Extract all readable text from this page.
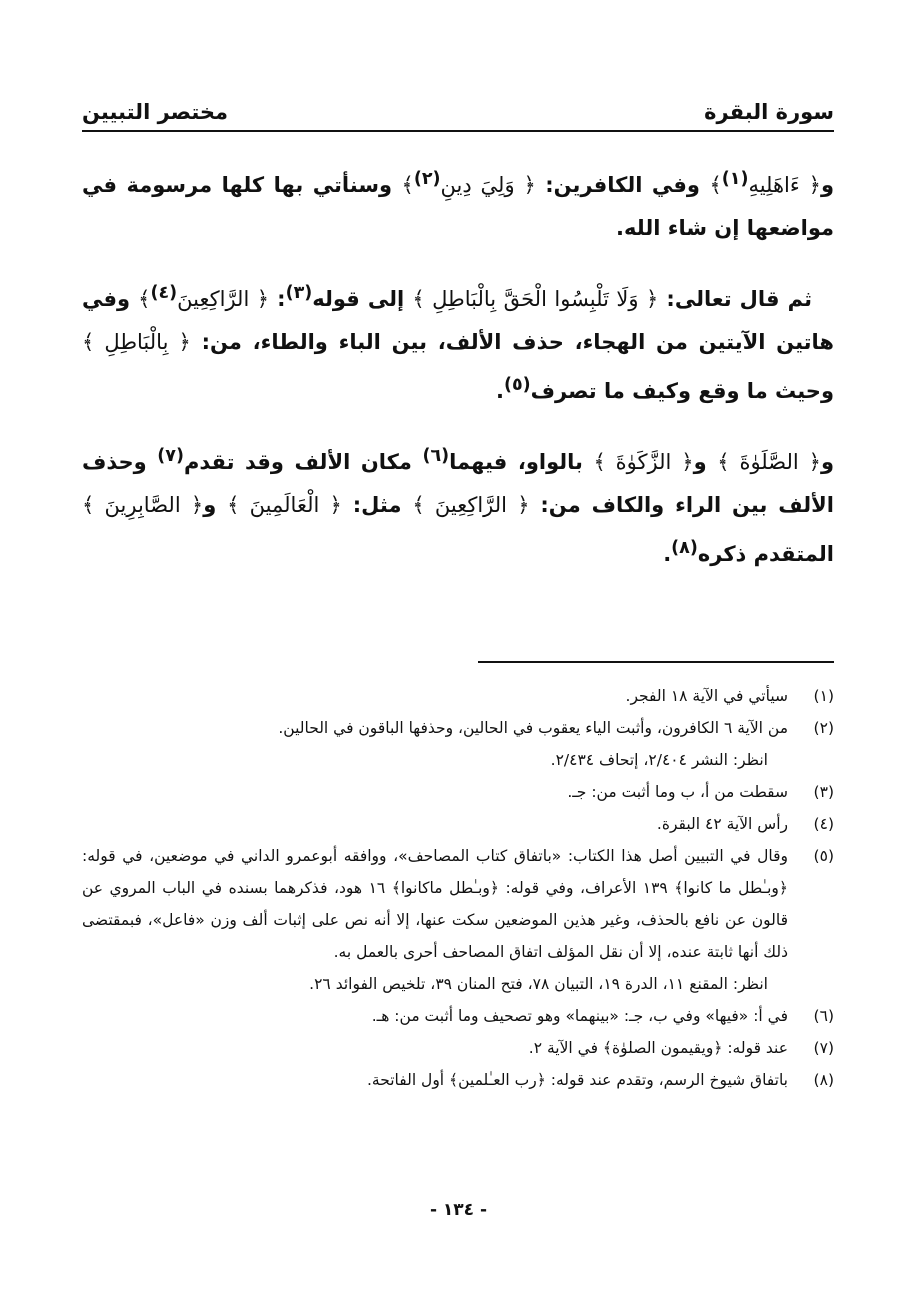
سورة البقرة
مختصر التبيين

و﴿ ءَاهَلِيهِ$^{(١)}$﴾ وفي الكافرين: ﴿ وَلِيَ دِينِ$^{(٢)}$﴾ وسنأتي بها كلها مرسومة في مواضعها إن شاء الله.

ثم قال تعالى: ﴿ وَلَا تَلْبِسُوا الْحَقَّ بِالْبَاطِلِ ﴾ إلى قوله$^{(٣)}$: ﴿ الرَّاكِعِينَ$^{(٤)}$﴾ وفي هاتين الآيتين من الهجاء، حذف الألف، بين الباء والطاء، من: ﴿ بِالْبَاطِلِ ﴾ وحيث ما وقع وكيف ما تصرف$^{(٥)}$.

و﴿ الصَّلَوٰةَ ﴾ و﴿ الزَّكَوٰةَ ﴾ بالواو، فيهما$^{(٦)}$ مكان الألف وقد تقدم$^{(٧)}$ وحذف الألف بين الراء والكاف من: ﴿ الرَّاكِعِينَ ﴾ مثل: ﴿ الْعَالَمِينَ ﴾ و﴿ الصَّابِرِينَ ﴾ المتقدم ذكره$^{(٨)}$.

(١)
سيأتي في الآية ١٨ الفجر.
(٢)
من الآية ٦ الكافرون، وأثبت الياء يعقوب في الحالين، وحذفها الباقون في الحالين.
انظر: النشر ٢/٤٠٤، إتحاف ٢/٤٣٤.
(٣)
سقطت من أ، ب وما أثبت من: جـ.
(٤)
رأس الآية ٤٢ البقرة.
(٥)
وقال في التبيين أصل هذا الكتاب: «باتفاق كتاب المصاحف»، ووافقه أبوعمرو الداني في موضعين، في قوله: ﴿وبـٰطل ما كانوا﴾ ١٣٩ الأعراف، وفي قوله: ﴿وبـٰطل ماكانوا﴾ ١٦ هود، فذكرهما بسنده في الباب المروي عن قالون عن نافع بالحذف، وغير هذين الموضعين سكت عنها، إلا أنه نص على إثبات ألف وزن «فاعل»، فبمقتضى ذلك أنها ثابتة عنده، إلا أن نقل المؤلف اتفاق المصاحف أحرى بالعمل به.
انظر: المقنع ١١، الدرة ١٩، التبيان ٧٨، فتح المنان ٣٩، تلخيص الفوائد ٢٦.
(٦)
في أ: «فيها» وفي ب، جـ: «بينهما» وهو تصحيف وما أثبت من: هـ.
(٧)
عند قوله: ﴿ويقيمون الصلوٰة﴾ في الآية ٢.
(٨)
باتفاق شيوخ الرسم، وتقدم عند قوله: ﴿رب العـٰلمين﴾ أول الفاتحة.
- ١٣٤ -
